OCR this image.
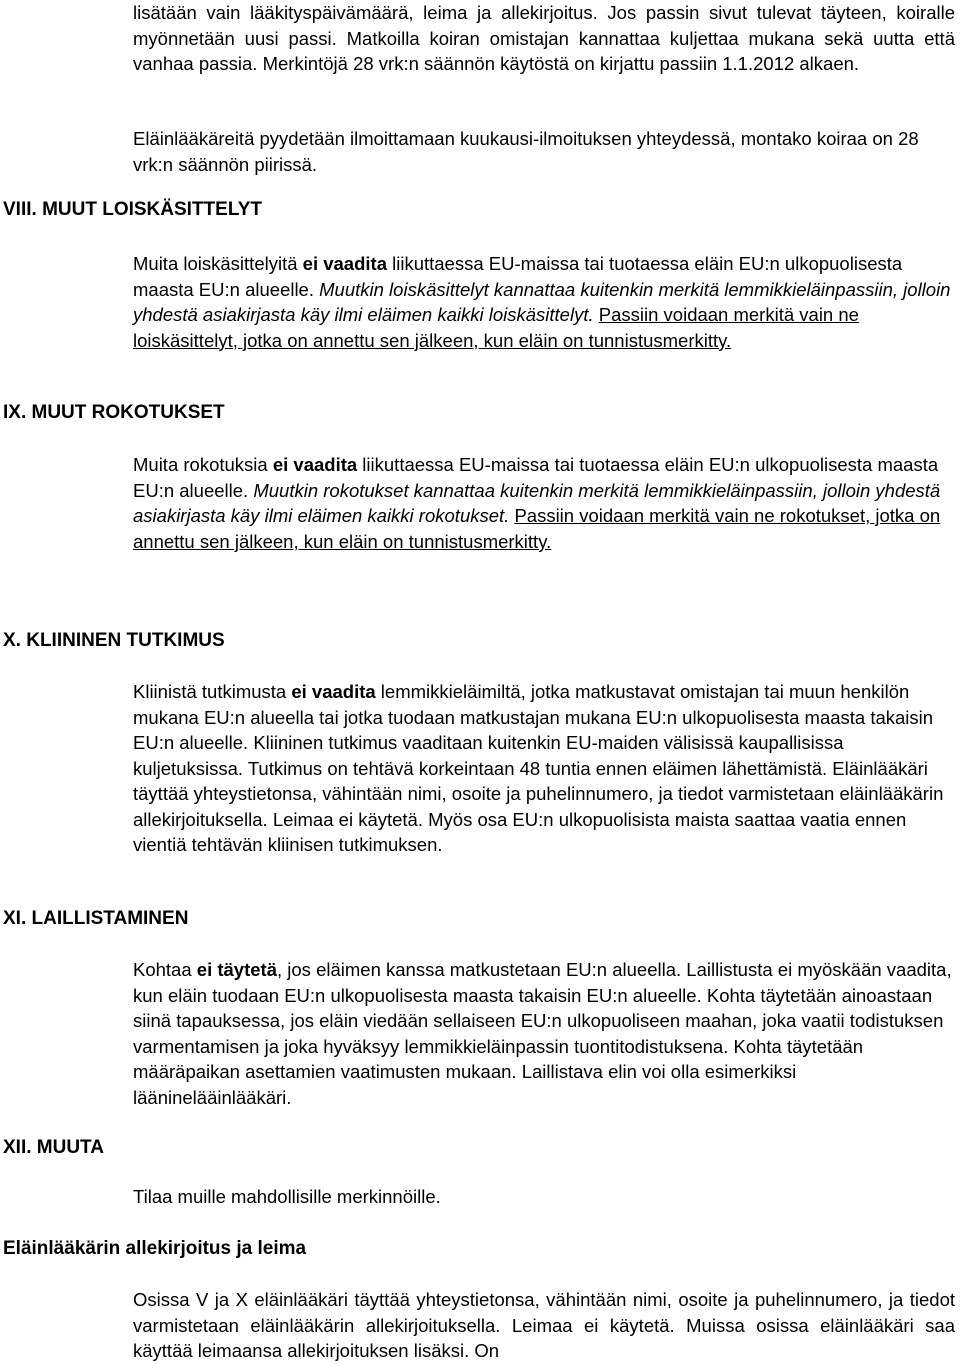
lisätään vain lääkityspäivämäärä, leima ja allekirjoitus. Jos passin sivut tulevat täyteen, koiralle myönnetään uusi passi. Matkoilla koiran omistajan kannattaa kuljettaa mukana sekä uutta että vanhaa passia. Merkintöjä 28 vrk:n säännön käytöstä on kirjattu passiin 1.1.2012 alkaen.

Eläinlääkäreitä pyydetään ilmoittamaan kuukausi-ilmoituksen yhteydessä, montako koiraa on 28 vrk:n säännön piirissä.

VIII. MUUT LOISKÄSITTELYT

Muita loiskäsittelyitä ei vaadita liikuttaessa EU-maissa tai tuotaessa eläin EU:n ulkopuolisesta maasta EU:n alueelle. Muutkin loiskäsittelyt kannattaa kuitenkin merkitä lemmikkieläinpassiin, jolloin yhdestä asiakirjasta käy ilmi eläimen kaikki loiskäsittelyt. Passiin voidaan merkitä vain ne loiskäsittelyt, jotka on annettu sen jälkeen, kun eläin on tunnistusmerkitty.

IX. MUUT ROKOTUKSET

Muita rokotuksia ei vaadita liikuttaessa EU-maissa tai tuotaessa eläin EU:n ulkopuolisesta maasta EU:n alueelle. Muutkin rokotukset kannattaa kuitenkin merkitä lemmikkieläinpassiin, jolloin yhdestä asiakirjasta käy ilmi eläimen kaikki rokotukset. Passiin voidaan merkitä vain ne rokotukset, jotka on annettu sen jälkeen, kun eläin on tunnistusmerkitty.

X. KLIININEN TUTKIMUS

Kliinistä tutkimusta ei vaadita lemmikkieläimiltä, jotka matkustavat omistajan tai muun henkilön mukana EU:n alueella tai jotka tuodaan matkustajan mukana EU:n ulkopuolisesta maasta takaisin EU:n alueelle. Kliininen tutkimus vaaditaan kuitenkin EU-maiden välisissä kaupallisissa kuljetuksissa. Tutkimus on tehtävä korkeintaan 48 tuntia ennen eläimen lähettämistä. Eläinlääkäri täyttää yhteystietonsa, vähintään nimi, osoite ja puhelinnumero, ja tiedot varmistetaan eläinlääkärin allekirjoituksella. Leimaa ei käytetä. Myös osa EU:n ulkopuolisista maista saattaa vaatia ennen vientiä tehtävän kliinisen tutkimuksen.

XI. LAILLISTAMINEN

Kohtaa ei täytetä, jos eläimen kanssa matkustetaan EU:n alueella. Laillistusta ei myöskään vaadita, kun eläin tuodaan EU:n ulkopuolisesta maasta takaisin EU:n alueelle. Kohta täytetään ainoastaan siinä tapauksessa, jos eläin viedään sellaiseen EU:n ulkopuoliseen maahan, joka vaatii todistuksen varmentamisen ja joka hyväksyy lemmikkieläinpassin tuontitodistuksena. Kohta täytetään määräpaikan asettamien vaatimusten mukaan. Laillistava elin voi olla esimerkiksi lääninelääinlääkäri.

XII. MUUTA

Tilaa muille mahdollisille merkinnöille.

Eläinlääkärin allekirjoitus ja leima

Osissa V ja X eläinlääkäri täyttää yhteystietonsa, vähintään nimi, osoite ja puhelinnumero, ja tiedot varmistetaan eläinlääkärin allekirjoituksella. Leimaa ei käytetä. Muissa osissa eläinlääkäri saa käyttää leimaansa allekirjoituksen lisäksi. On
